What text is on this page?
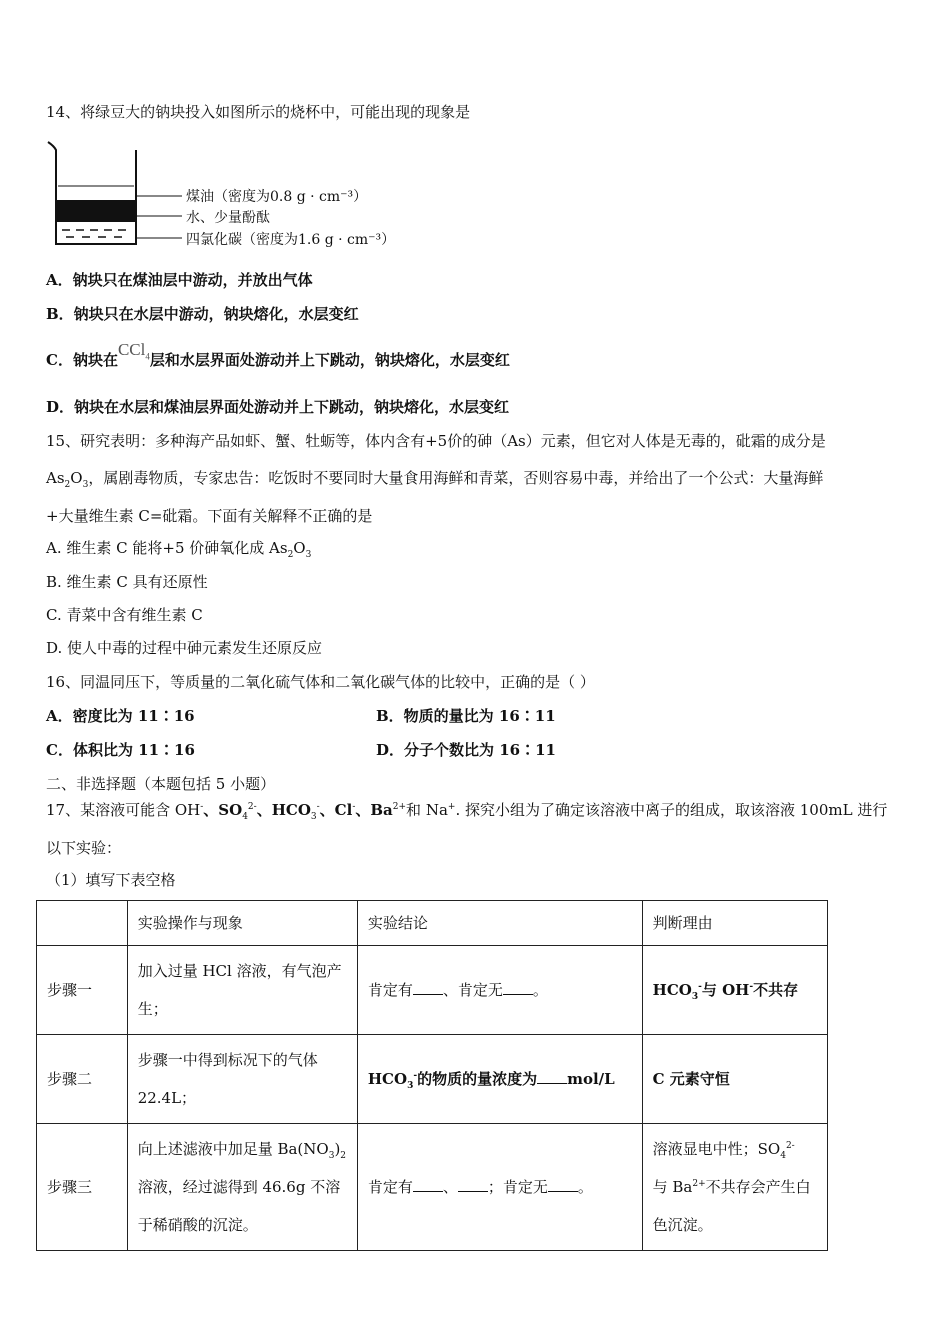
14、将绿豆大的钠块投入如图所示的烧杯中，可能出现的现象是
煤油（密度为0.8 g · cm⁻³）
水、少量酚酞
四氯化碳（密度为1.6 g · cm⁻³）
A．钠块只在煤油层中游动，并放出气体
B．钠块只在水层中游动，钠块熔化，水层变红
C．钠块在CCl$_4$层和水层界面处游动并上下跳动，钠块熔化，水层变红
D．钠块在水层和煤油层界面处游动并上下跳动，钠块熔化，水层变红
15、研究表明：多种海产品如虾、蟹、牡蛎等，体内含有+5价的砷（As）元素，但它对人体是无毒的，砒霜的成分是
$As_2O_3$，属剧毒物质，专家忠告：吃饭时不要同时大量食用海鲜和青菜，否则容易中毒，并给出了一个公式：大量海鲜
+大量维生素 C=砒霜。下面有关解释不正确的是
A. 维生素 C 能将+5 价砷氧化成 $As_2O_3$
B. 维生素 C 具有还原性
C. 青菜中含有维生素 C
D. 使人中毒的过程中砷元素发生还原反应
16、同温同压下，等质量的二氧化硫气体和二氧化碳气体的比较中，正确的是（ ）
A．密度比为 11∶16	B．物质的量比为 16∶11
C．体积比为 11∶16	D．分子个数比为 16∶11
二、非选择题（本题包括 5 小题）
17、某溶液可能含 OH-、$SO_4^{2-}$、$HCO_3^-$、Cl-、$Ba^{2+}$和 Na+. 探究小组为了确定该溶液中离子的组成，取该溶液 100mL 进行
以下实验：
（1）填写下表空格
	实验操作与现象	实验结论	判断理由
步骤一	加入过量 HCl 溶液，有气泡产生；	肯定有 、肯定无 。	$HCO_3^-$与 OH-不共存
步骤二	步骤一中得到标况下的气体 22.4L；	$HCO_3^-$的物质的量浓度为 mol/L	C 元素守恒
步骤三	向上述滤液中加足量 $Ba(NO_3)_2$溶液，经过滤得到 46.6g 不溶于稀硝酸的沉淀。	肯定有 、 ；肯定无 。	溶液显电中性；$SO_4^{2-}$
与 $Ba^{2+}$不共存会产生白色沉淀。
